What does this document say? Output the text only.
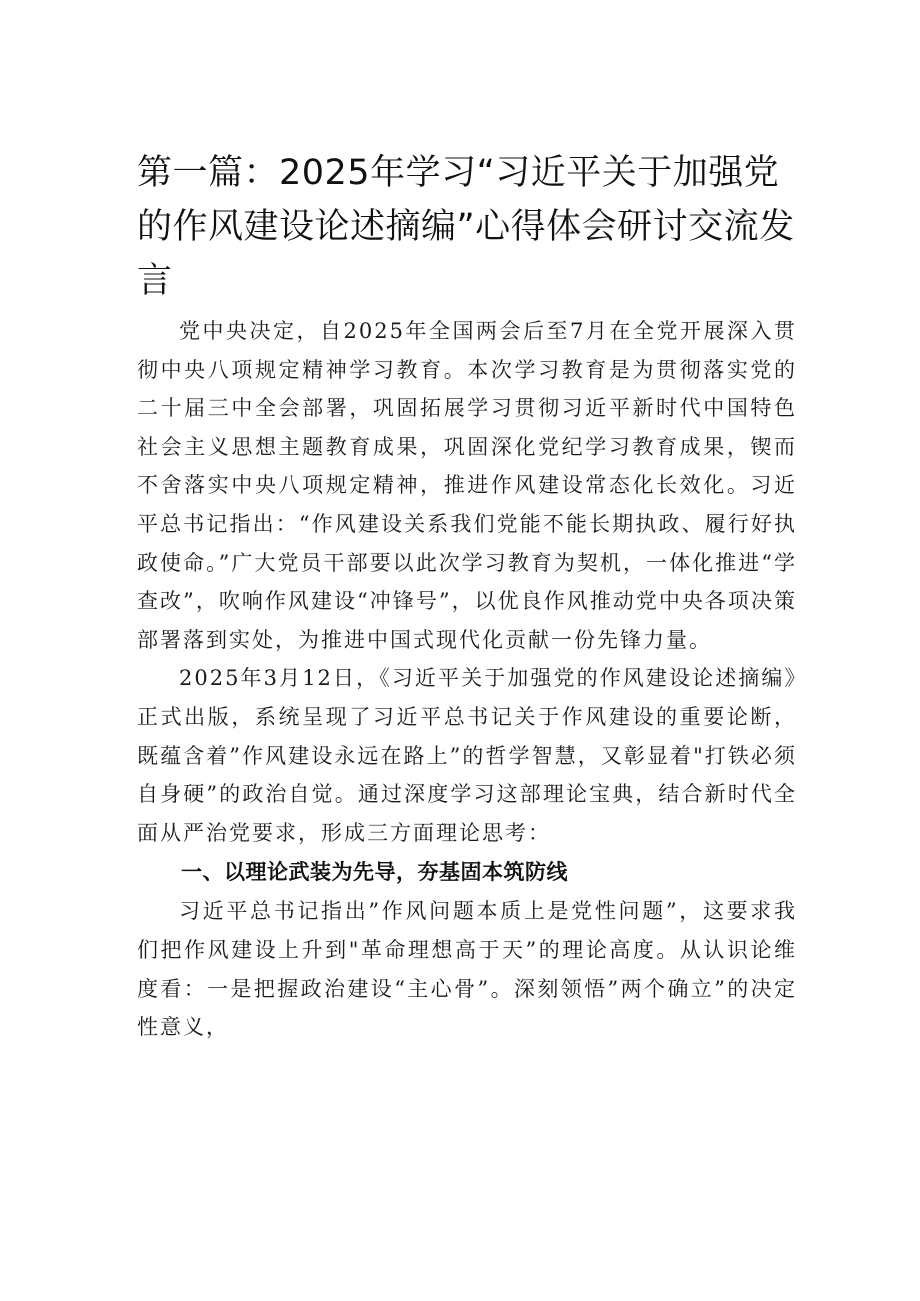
第一篇：2025年学习“习近平关于加强党的作风建设论述摘编”心得体会研讨交流发言

党中央决定，自2025年全国两会后至7月在全党开展深入贯彻中央八项规定精神学习教育。本次学习教育是为贯彻落实党的二十届三中全会部署，巩固拓展学习贯彻习近平新时代中国特色社会主义思想主题教育成果，巩固深化党纪学习教育成果，锲而不舍落实中央八项规定精神，推进作风建设常态化长效化。习近平总书记指出：“作风建设关系我们党能不能长期执政、履行好执政使命。”广大党员干部要以此次学习教育为契机，一体化推进“学查改”，吹响作风建设“冲锋号”，以优良作风推动党中央各项决策部署落到实处，为推进中国式现代化贡献一份先锋力量。

2025年3月12日，《习近平关于加强党的作风建设论述摘编》正式出版，系统呈现了习近平总书记关于作风建设的重要论断，既蕴含着”作风建设永远在路上”的哲学智慧，又彰显着"打铁必须自身硬”的政治自觉。通过深度学习这部理论宝典，结合新时代全面从严治党要求，形成三方面理论思考：

一、以理论武装为先导，夯基固本筑防线

习近平总书记指出”作风问题本质上是党性问题”，这要求我们把作风建设上升到"革命理想高于天”的理论高度。从认识论维度看：一是把握政治建设“主心骨”。深刻领悟”两个确立”的决定性意义，
